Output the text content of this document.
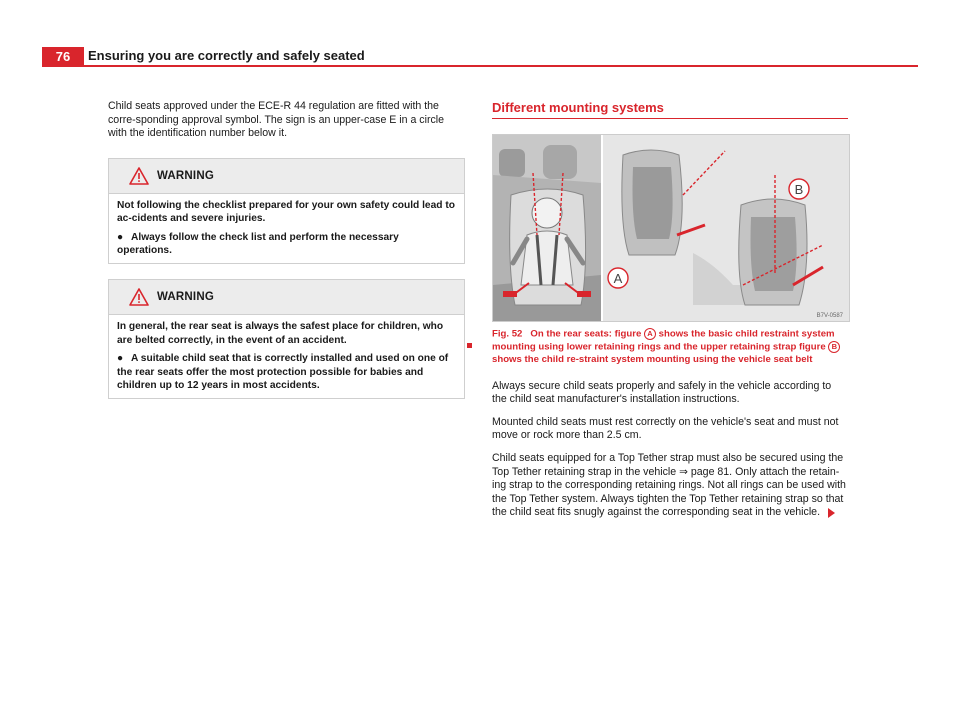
76	Ensuring you are correctly and safely seated

Child seats approved under the ECE-R 44 regulation are fitted with the corre-sponding approval symbol. The sign is an upper-case E in a circle with the identification number below it.

WARNING

Not following the checklist prepared for your own safety could lead to ac-cidents and severe injuries.

● Always follow the check list and perform the necessary operations.

WARNING

In general, the rear seat is always the safest place for children, who are belted correctly, in the event of an accident.

● A suitable child seat that is correctly installed and used on one of the rear seats offer the most protection possible for babies and children up to 12 years in most accidents.

Different mounting systems
B
A
B7V-0587
Fig. 52 On the rear seats: figure A shows the basic child restraint system mounting using lower retaining rings and the upper retaining strap figure B shows the child re-straint system mounting using the vehicle seat belt

Always secure child seats properly and safely in the vehicle according to the child seat manufacturer's installation instructions.

Mounted child seats must rest correctly on the vehicle's seat and must not move or rock more than 2.5 cm.

Child seats equipped for a Top Tether strap must also be secured using the Top Tether retaining strap in the vehicle ⇒ page 81. Only attach the retain-ing strap to the corresponding retaining rings. Not all rings can be used with the Top Tether system. Always tighten the Top Tether retaining strap so that the child seat fits snugly against the corresponding seat in the vehicle.
